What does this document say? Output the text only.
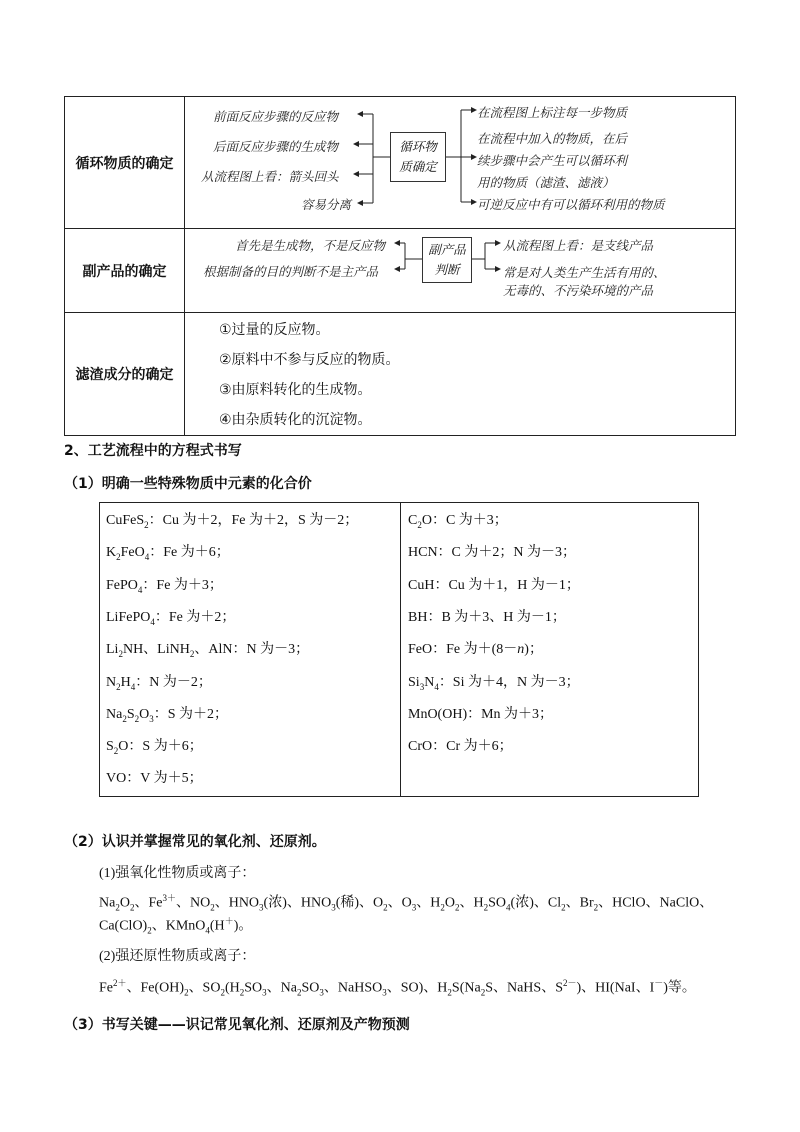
循环物质的确定
前面反应步骤的反应物
后面反应步骤的生成物
从流程图上看：箭头回头
容易分离
循环物
质确定
在流程图上标注每一步物质
在流程中加入的物质，在后
续步骤中会产生可以循环利
用的物质（滤渣、滤液）
可逆反应中有可以循环利用的物质
副产品的确定
首先是生成物，不是反应物
根据制备的目的判断不是主产品
副产品
判断
从流程图上看：是支线产品
常是对人类生产生活有用的、
无毒的、不污染环境的产品
滤渣成分的确定
①过量的反应物。
②原料中不参与反应的物质。
③由原料转化的生成物。
④由杂质转化的沉淀物。
2、工艺流程中的方程式书写
（1）明确一些特殊物质中元素的化合价
CuFeS$_2$：Cu 为＋2，Fe 为＋2，S 为－2；
$K_2FeO_4$：Fe 为＋6；
FePO$_4$：Fe 为＋3；
LiFePO$_4$：Fe 为＋2；
$Li_2NH$、LiNH$_2$、AlN：N 为－3；
$N_2H_4$：N 为－2；
$Na_2S_2O_3$：S 为＋2；
$S_2O$：S 为＋6；
VO：V 为＋5；
$C_2O$：C 为＋3；
HCN：C 为＋2；N 为－3；
CuH：Cu 为＋1，H 为－1；
BH：B 为＋3、H 为－1；
FeO：Fe 为＋(8－n)；
$Si_3N_4$：Si 为＋4，N 为－3；
MnO(OH)：Mn 为＋3；
CrO：Cr 为＋6；
（2）认识并掌握常见的氧化剂、还原剂。
(1)强氧化性物质或离子：
$Na_2O_2$、$Fe^{3+}$、$NO_2$、$HNO_3$(浓)、$HNO_3$(稀)、$O_2$、$O_3$、$H_2O_2$、$H_2SO_4$(浓)、$Cl_2$、$Br_2$、HClO、NaClO、
$Ca(ClO)_2$、KMnO$_4$(H＋)。
(2)强还原性物质或离子：
$Fe^{2+}$、$Fe(OH)_2$、$SO_2(H_2SO_3$、$Na_2SO_3$、NaHSO$_3$、SO)、$H_2S(Na_2S$、NaHS、$S^{2-}$)、HI(NaI、I－)等。
（3）书写关键——识记常见氧化剂、还原剂及产物预测
